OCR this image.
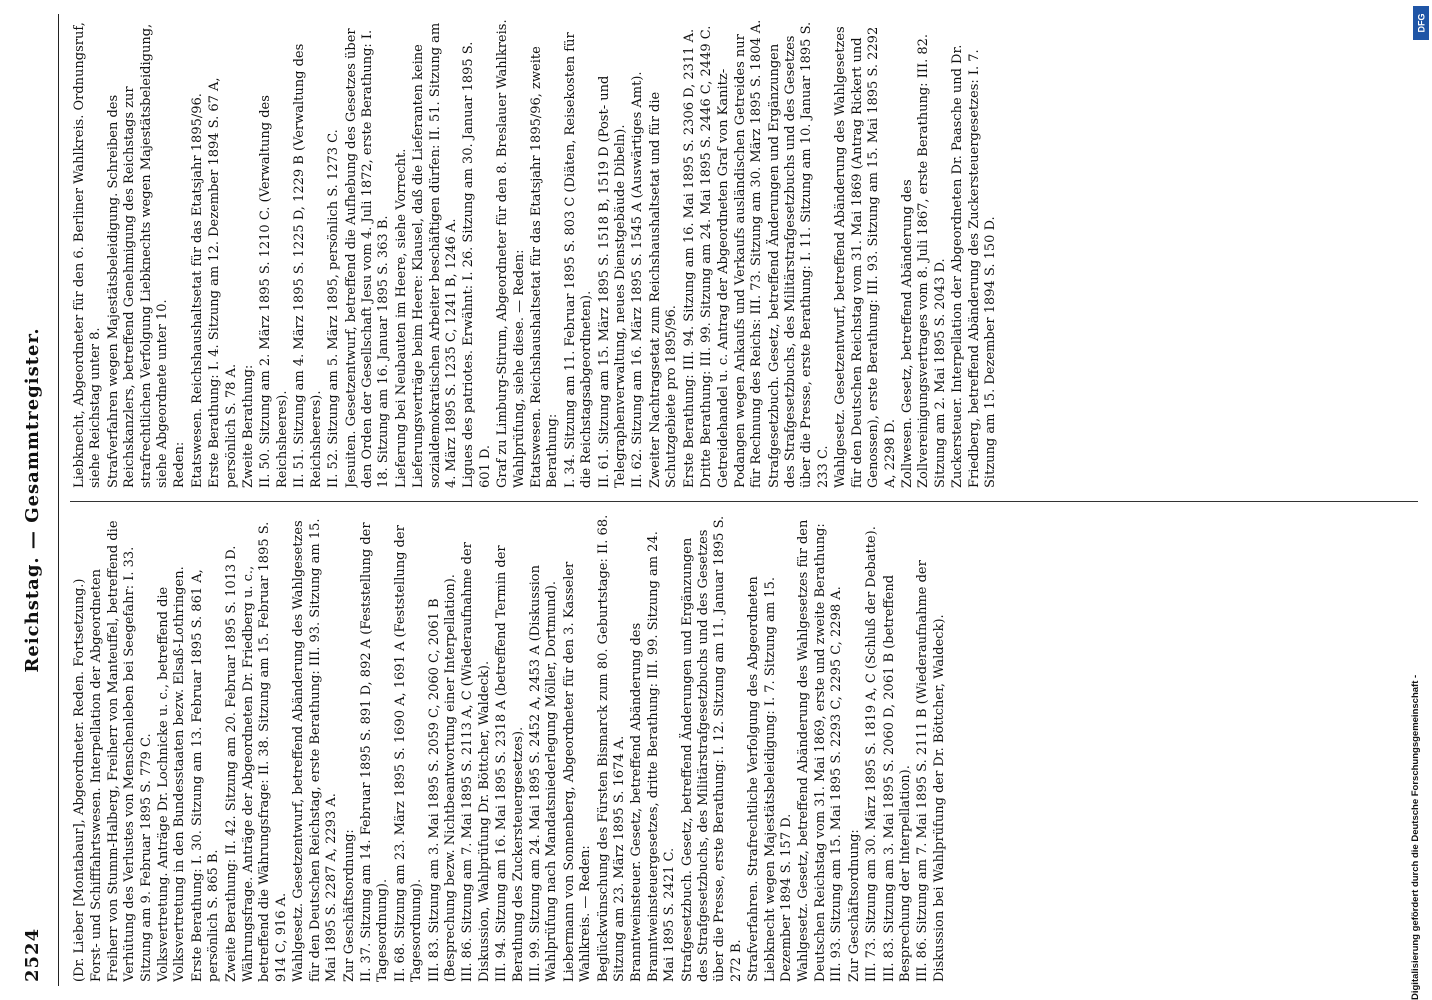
2524
Reichstag. — Gesammtregister.
(Dr. Lieber [Montabaur], Abgeordneter. Reden. Fortsetzung.) Forst- und Schifffahrtswesen. Interpellation der Abgeordneten Freiherr von Stumm-Halberg, Freiherr von Manteuffel, betreffend die Verhütung des Verlustes von Menschenleben bei Seegefahr: I. 33. Sitzung am 9. Februar 1895 S. 779 C. Volksvertretung. Anträge Dr. Lochnicke u. c., betreffend die Volksvertretung in den Bundesstaaten bezw. Elsaß-Lothringen. Erste Berathung: I. 30. Sitzung am 13. Februar 1895 S. 861 A, persönlich S. 865 B. Zweite Berathung: II. 42. Sitzung am 20. Februar 1895 S. 1013 D. Währungsfrage. Anträge der Abgeordneten Dr. Friedberg u. c., betreffend die Währungsfrage: II. 38. Sitzung am 15. Februar 1895 S. 914 C, 916 A. Wahlgesetz. Gesetzentwurf, betreffend Abänderung des Wahlgesetzes für den Deutschen Reichstag, erste Berathung: III. 93. Sitzung am 15. Mai 1895 S. 2287 A, 2293 A. Zur Geschäftsordnung: II. 37. Sitzung am 14. Februar 1895 S. 891 D, 892 A (Feststellung der Tagesordnung). II. 68. Sitzung am 23. März 1895 S. 1690 A, 1691 A (Feststellung der Tagesordnung). III. 83. Sitzung am 3. Mai 1895 S. 2059 C, 2060 C, 2061 B (Besprechung bezw. Nichtbeantwortung einer Interpellation). III. 86. Sitzung am 7. Mai 1895 S. 2113 A, C (Wiederaufnahme der Diskussion, Wahlprüfung Dr. Böttcher, Waldeck). III. 94. Sitzung am 16. Mai 1895 S. 2318 A (betreffend Termin der Berathung des Zuckersteuergesetzes). III. 99. Sitzung am 24. Mai 1895 S. 2452 A, 2453 A (Diskussion Wahlprüfung nach Mandatsniederlegung Möller, Dortmund). Liebermann von Sonnenberg, Abgeordneter für den 3. Kasseler Wahlkreis. — Reden: Beglückwünschung des Fürsten Bismarck zum 80. Geburtstage: II. 68. Sitzung am 23. März 1895 S. 1674 A. Branntweinsteuer. Gesetz, betreffend Abänderung des Branntweinsteuergesetzes, dritte Berathung: III. 99. Sitzung am 24. Mai 1895 S. 2421 C. Strafgesetzbuch. Gesetz, betreffend Änderungen und Ergänzungen des Strafgesetzbuchs, des Militärstrafgesetzbuchs und des Gesetzes über die Presse, erste Berathung: I. 12. Sitzung am 11. Januar 1895 S. 272 B. Strafverfahren. Strafrechtliche Verfolgung des Abgeordneten Liebknecht wegen Majestätsbeleidigung: I. 7. Sitzung am 15. Dezember 1894 S. 157 D. Wahlgesetz. Gesetz, betreffend Abänderung des Wahlgesetzes für den Deutschen Reichstag vom 31. Mai 1869, erste und zweite Berathung: III. 93. Sitzung am 15. Mai 1895 S. 2293 C, 2295 C, 2298 A. Zur Geschäftsordnung: III. 73. Sitzung am 30. März 1895 S. 1819 A, C (Schluß der Debatte). III. 83. Sitzung am 3. Mai 1895 S. 2060 D, 2061 B (betreffend Besprechung der Interpellation). III. 86. Sitzung am 7. Mai 1895 S. 2111 B (Wiederaufnahme der Diskussion bei Wahlprüfung der Dr. Böttcher, Waldeck).
Liebknecht, Abgeordneter für den 6. Berliner Wahlkreis. Ordnungsruf, siehe Reichstag unter 8. Strafverfahren wegen Majestätsbeleidigung. Schreiben des Reichskanzlers, betreffend Genehmigung des Reichstags zur strafrechtlichen Verfolgung Liebknechts wegen Majestätsbeleidigung, siehe Abgeordnete unter 10. Reden: Etatswesen. Reichshaushaltsetat für das Etatsjahr 1895/96. Erste Berathung: I. 4. Sitzung am 12. Dezember 1894 S. 67 A, persönlich S. 78 A. Zweite Berathung: II. 50. Sitzung am 2. März 1895 S. 1210 C. (Verwaltung des Reichsheeres). II. 51. Sitzung am 4. März 1895 S. 1225 D, 1229 B (Verwaltung des Reichsheeres). II. 52. Sitzung am 5. März 1895, persönlich S. 1273 C. Jesuiten. Gesetzentwurf, betreffend die Aufhebung des Gesetzes über den Orden der Gesellschaft Jesu vom 4. Juli 1872, erste Berathung: I. 18. Sitzung am 16. Januar 1895 S. 363 B. Lieferung bei Neubauten im Heere, siehe Vorrecht. Lieferungsverträge beim Heere: Klausel, daß die Lieferanten keine sozialdemokratischen Arbeiter beschäftigen dürfen: II. 51. Sitzung am 4. März 1895 S. 1235 C, 1241 B, 1246 A. Ligues des patriotes. Erwähnt: I. 26. Sitzung am 30. Januar 1895 S. 601 D. Graf zu Limburg-Stirum, Abgeordneter für den 8. Breslauer Wahlkreis. Wahlprüfung, siehe diese. — Reden: Etatswesen. Reichshaushaltsetat für das Etatsjahr 1895/96, zweite Berathung: I. 34. Sitzung am 11. Februar 1895 S. 803 C (Diäten, Reisekosten für die Reichstagsabgeordneten). II. 61. Sitzung am 15. März 1895 S. 1518 B, 1519 D (Post- und Telegraphenverwaltung, neues Dienstgebäude Dibeln). II. 62. Sitzung am 16. März 1895 S. 1545 A (Auswärtiges Amt). Zweiter Nachtragsetat zum Reichshaushaltsetat und für die Schutzgebiete pro 1895/96. Erste Berathung: III. 94. Sitzung am 16. Mai 1895 S. 2306 D, 2311 A. Dritte Berathung: III. 99. Sitzung am 24. Mai 1895 S. 2446 C, 2449 C. Getreidehandel u. c. Antrag der Abgeordneten Graf von Kanitz-Podangen wegen Ankaufs und Verkaufs ausländischen Getreides nur für Rechnung des Reichs: III. 73. Sitzung am 30. März 1895 S. 1804 A. Strafgesetzbuch. Gesetz, betreffend Änderungen und Ergänzungen des Strafgesetzbuchs, des Militärstrafgesetzbuchs und des Gesetzes über die Presse, erste Berathung: I. 11. Sitzung am 10. Januar 1895 S. 233 C. Wahlgesetz. Gesetzentwurf, betreffend Abänderung des Wahlgesetzes für den Deutschen Reichstag vom 31. Mai 1869 (Antrag Rickert und Genossen), erste Berathung: III. 93. Sitzung am 15. Mai 1895 S. 2292 A, 2298 D. Zollwesen. Gesetz, betreffend Abänderung des Zollvereinigungsvertrages vom 8. Juli 1867, erste Berathung: III. 82. Sitzung am 2. Mai 1895 S. 2043 D. Zuckersteuer. Interpellation der Abgeordneten Dr. Paasche und Dr. Friedberg, betreffend Abänderung des Zuckersteuergesetzes: I. 7. Sitzung am 15. Dezember 1894 S. 150 D.
Digitalisierung gefördert durch die Deutsche Forschungsgemeinschaft -
DFG
